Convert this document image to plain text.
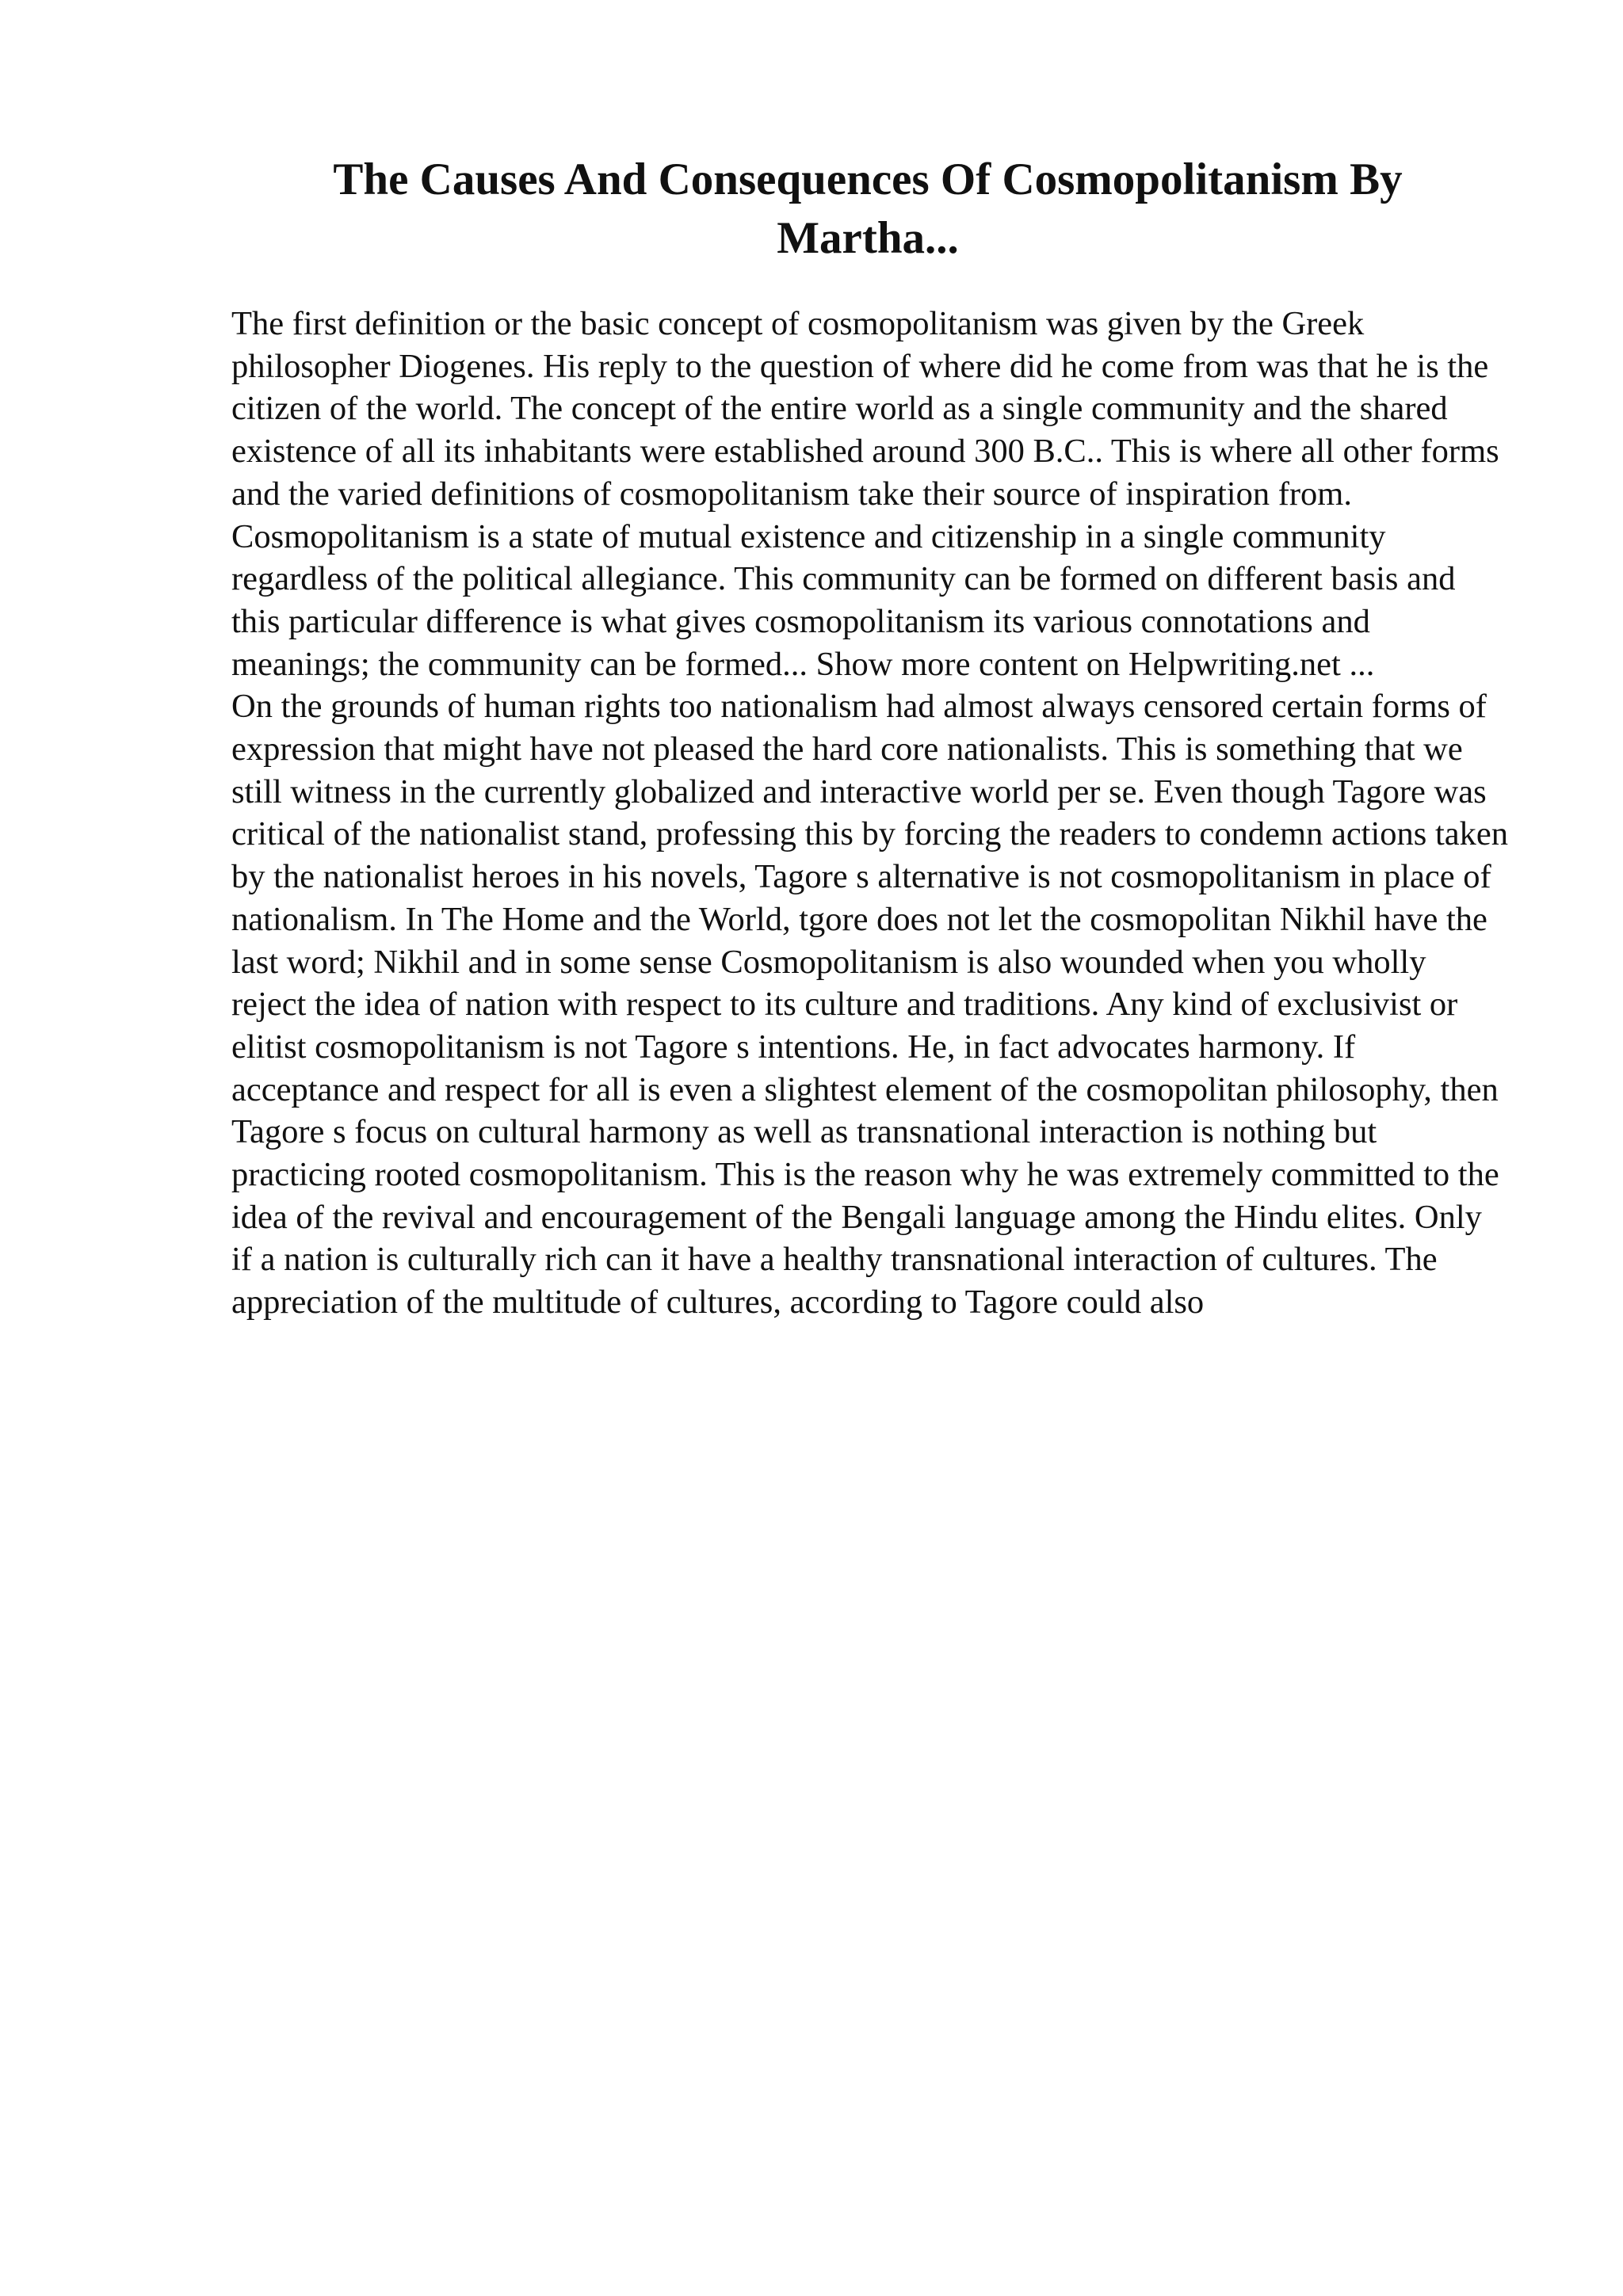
The Causes And Consequences Of Cosmopolitanism By Martha...

The first definition or the basic concept of cosmopolitanism was given by the Greek philosopher Diogenes. His reply to the question of where did he come from was that he is the citizen of the world. The concept of the entire world as a single community and the shared existence of all its inhabitants were established around 300 B.C.. This is where all other forms and the varied definitions of cosmopolitanism take their source of inspiration from. Cosmopolitanism is a state of mutual existence and citizenship in a single community regardless of the political allegiance. This community can be formed on different basis and this particular difference is what gives cosmopolitanism its various connotations and meanings; the community can be formed... Show more content on Helpwriting.net ...

On the grounds of human rights too nationalism had almost always censored certain forms of expression that might have not pleased the hard core nationalists. This is something that we still witness in the currently globalized and interactive world per se. Even though Tagore was critical of the nationalist stand, professing this by forcing the readers to condemn actions taken by the nationalist heroes in his novels, Tagore s alternative is not cosmopolitanism in place of nationalism. In The Home and the World, tgore does not let the cosmopolitan Nikhil have the last word; Nikhil and in some sense Cosmopolitanism is also wounded when you wholly reject the idea of nation with respect to its culture and traditions. Any kind of exclusivist or elitist cosmopolitanism is not Tagore s intentions. He, in fact advocates harmony. If acceptance and respect for all is even a slightest element of the cosmopolitan philosophy, then Tagore s focus on cultural harmony as well as transnational interaction is nothing but practicing rooted cosmopolitanism. This is the reason why he was extremely committed to the idea of the revival and encouragement of the Bengali language among the Hindu elites. Only if a nation is culturally rich can it have a healthy transnational interaction of cultures. The appreciation of the multitude of cultures, according to Tagore could also
